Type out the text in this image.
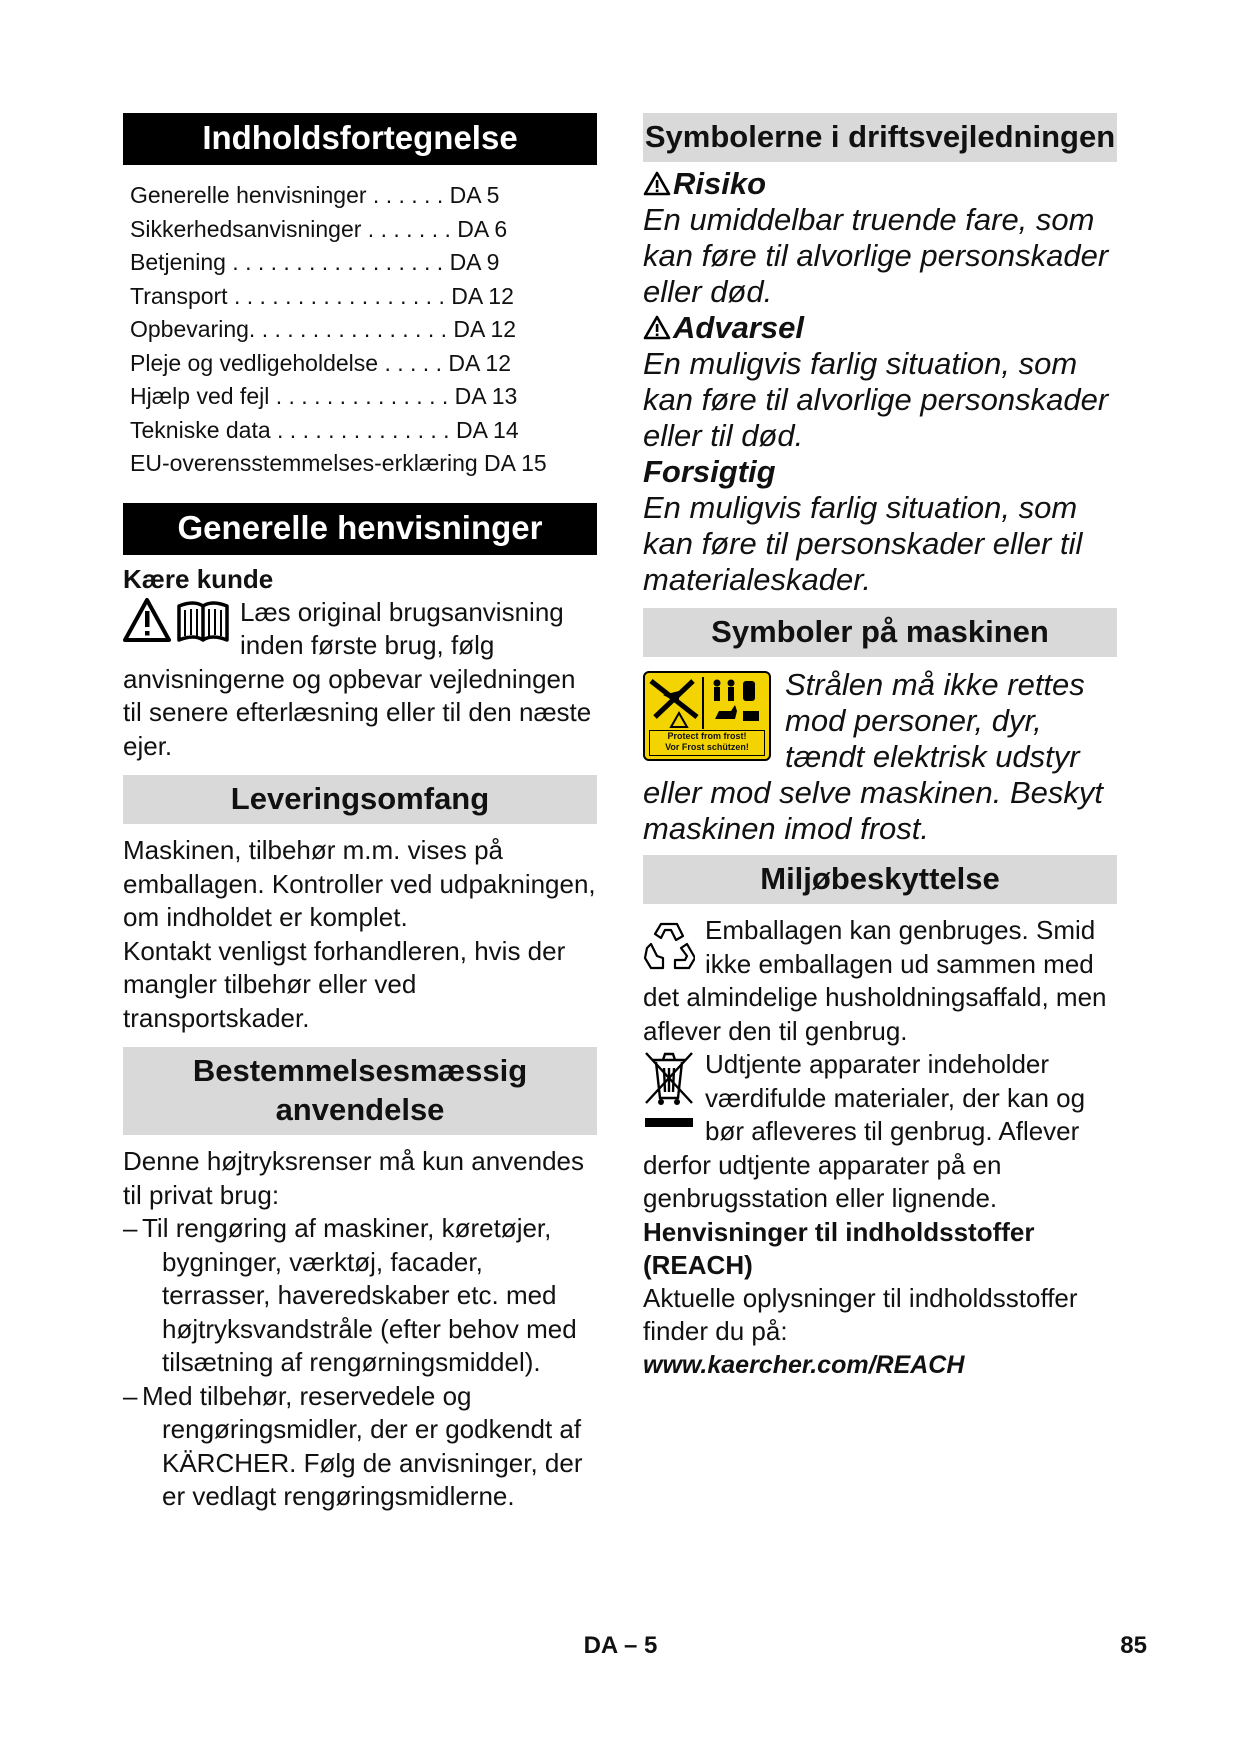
Indholdsfortegnelse
Generelle henvisninger . . . . . . DA 5
Sikkerhedsanvisninger . . . . . . . DA 6
Betjening . . . . . . . . . . . . . . . . . DA 9
Transport . . . . . . . . . . . . . . . . . DA 12
Opbevaring. . . . . . . . . . . . . . . . DA 12
Pleje og vedligeholdelse . . . . . DA 12
Hjælp ved fejl . . . . . . . . . . . . . . DA 13
Tekniske data . . . . . . . . . . . . . . DA 14
EU-overensstemmelses-erklæring DA 15
Generelle henvisninger

Kære kunde

Læs original brugsanvisning inden første brug, følg anvisningerne og opbevar vejledningen til senere efterlæsning eller til den næste ejer.

Leveringsomfang

Maskinen, tilbehør m.m. vises på emballagen. Kontroller ved udpakningen, om indholdet er komplet.

Kontakt venligst forhandleren, hvis der mangler tilbehør eller ved transportskader.

Bestemmelsesmæssig anvendelse

Denne højtryksrenser må kun anvendes til privat brug:

– Til rengøring af maskiner, køretøjer, bygninger, værktøj, facader, terrasser, haveredskaber etc. med højtryksvandstråle (efter behov med tilsætning af rengørningsmiddel).

– Med tilbehør, reservedele og rengøringsmidler, der er godkendt af KÄRCHER. Følg de anvisninger, der er vedlagt rengøringsmidlerne.

Symbolerne i driftsvejledningen

Risiko

En umiddelbar truende fare, som kan føre til alvorlige personskader eller død.

Advarsel

En muligvis farlig situation, som kan føre til alvorlige personskader eller til død.

Forsigtig

En muligvis farlig situation, som kan føre til personskader eller til materialeskader.

Symboler på maskinen
Protect from frost!
Vor Frost schützen!

Strålen må ikke rettes mod personer, dyr, tændt elektrisk udstyr eller mod selve maskinen. Beskyt maskinen imod frost.

Miljøbeskyttelse

Emballagen kan genbruges. Smid ikke emballagen ud sammen med det almindelige husholdningsaffald, men aflever den til genbrug.

Udtjente apparater indeholder værdifulde materialer, der kan og bør afleveres til genbrug. Aflever derfor udtjente apparater på en genbrugsstation eller lignende.

Henvisninger til indholdsstoffer (REACH)

Aktuelle oplysninger til indholdsstoffer finder du på:

www.kaercher.com/REACH

DA – 5	85
